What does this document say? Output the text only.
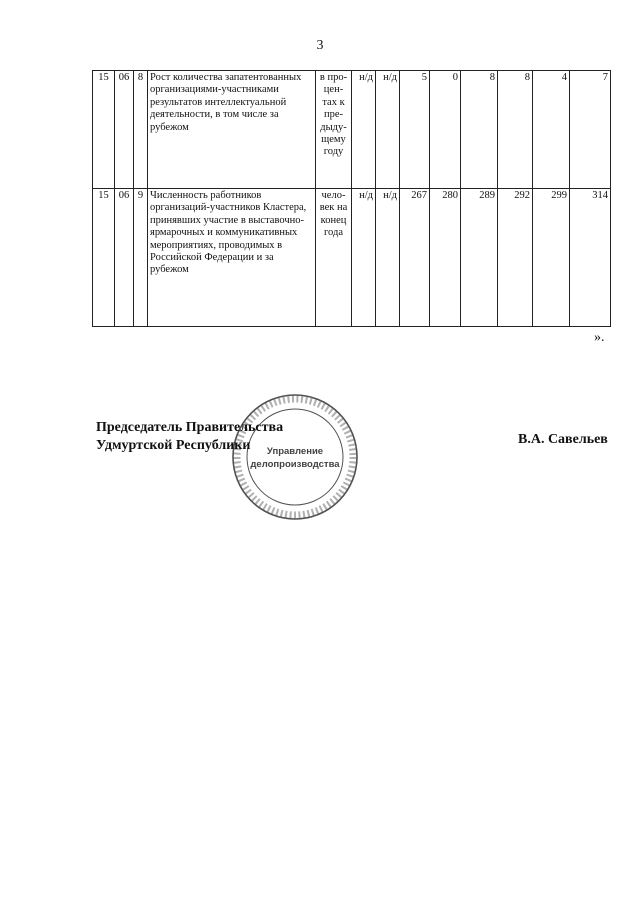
3
15	06	8	Рост количества запатентованных организациями-участниками результатов интеллектуальной деятельности, в том числе за рубежом	в про-цен-тах к пре-дыду-щему году	н/д	н/д	5	0	8	8	4	7
15	06	9	Численность работников организаций-участников Кластера, принявших участие в выставочно-ярмарочных и коммуникативных мероприятиях, проводимых в Российской Федерации и за рубежом	чело-век на конец года	н/д	н/д	267	280	289	292	299	314
».
Управление
делопроизводства
Председатель Правительства
Удмуртской Республики	В.А. Савельев
